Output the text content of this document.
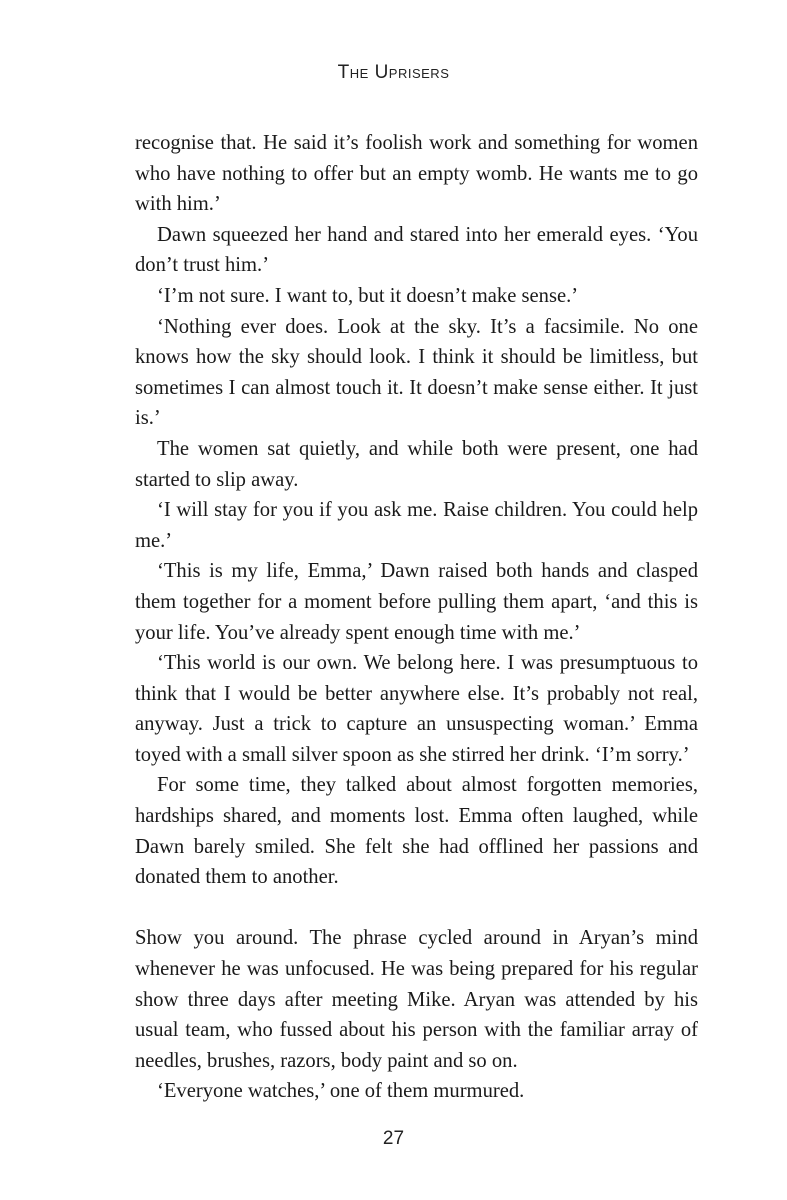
The Uprisers

recognise that. He said it’s foolish work and something for women who have nothing to offer but an empty womb. He wants me to go with him.’

Dawn squeezed her hand and stared into her emerald eyes. ‘You don’t trust him.’

‘I’m not sure. I want to, but it doesn’t make sense.’

‘Nothing ever does. Look at the sky. It’s a facsimile. No one knows how the sky should look. I think it should be limitless, but sometimes I can almost touch it. It doesn’t make sense either. It just is.’

The women sat quietly, and while both were present, one had started to slip away.

‘I will stay for you if you ask me. Raise children. You could help me.’

‘This is my life, Emma,’ Dawn raised both hands and clasped them together for a moment before pulling them apart, ‘and this is your life. You’ve already spent enough time with me.’

‘This world is our own. We belong here. I was presumptuous to think that I would be better anywhere else. It’s probably not real, anyway. Just a trick to capture an unsuspecting woman.’ Emma toyed with a small silver spoon as she stirred her drink. ‘I’m sorry.’

For some time, they talked about almost forgotten memories, hardships shared, and moments lost. Emma often laughed, while Dawn barely smiled. She felt she had offlined her passions and donated them to another.

Show you around. The phrase cycled around in Aryan’s mind whenever he was unfocused. He was being prepared for his regular show three days after meeting Mike. Aryan was attended by his usual team, who fussed about his person with the familiar array of needles, brushes, razors, body paint and so on.

‘Everyone watches,’ one of them murmured.

27
